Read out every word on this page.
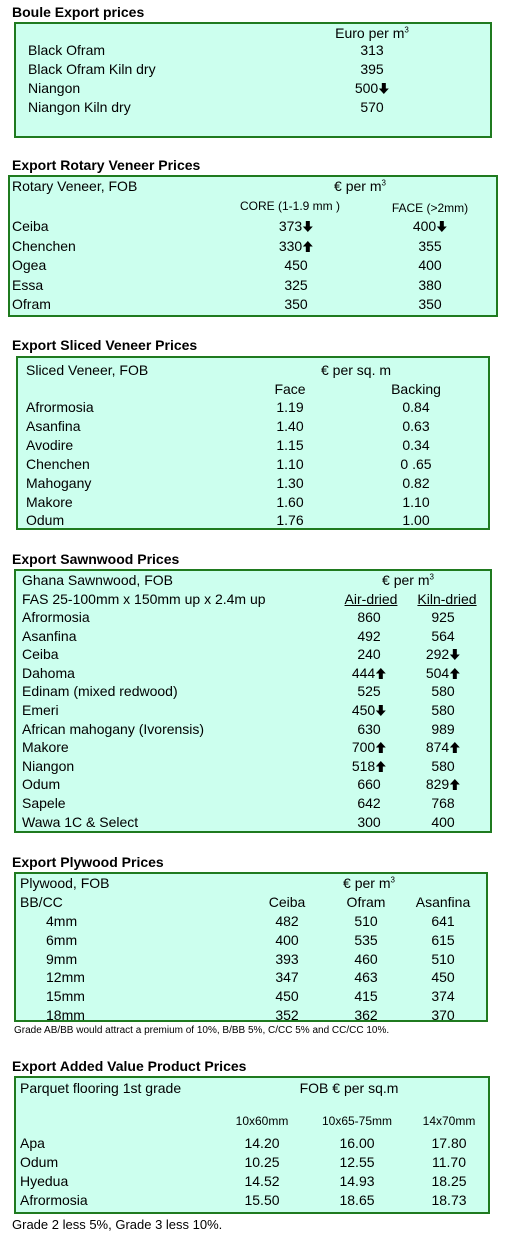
Boule Export prices
Euro per $m^3$
Black Ofram	313
Black Ofram Kiln dry	395
Niangon	500
Niangon Kiln dry	570
Export Rotary Veneer Prices
Rotary Veneer, FOB	€ per $m^3$
CORE (1-1.9 mm )	FACE (>2mm)
Ceiba	373	400
Chenchen	330	355
Ogea	450	400
Essa	325	380
Ofram	350	350
Export Sliced Veneer Prices
Sliced Veneer, FOB	€ per sq. m
Face	Backing
Afrormosia	1.19	0.84
Asanfina	1.40	0.63
Avodire	1.15	0.34
Chenchen	1.10	0 .65
Mahogany	1.30	0.82
Makore	1.60	1.10
Odum	1.76	1.00
Export Sawnwood Prices
Ghana Sawnwood, FOB	€ per $m^3$
FAS 25-100mm x 150mm up x 2.4m up	Air-dried Kiln-dried
Afrormosia	860	925
Asanfina	492	564
Ceiba	240	292
Dahoma	444	504
Edinam (mixed redwood)	525	580
Emeri	450	580
African mahogany (Ivorensis)	630	989
Makore	700	874
Niangon	518	580
Odum	660	829
Sapele	642	768
Wawa 1C & Select	300	400
Export Plywood Prices
Plywood, FOB	€ per $m^3$
BB/CC	Ceiba	Ofram Asanfina
4mm	482	510	641
6mm	400	535	615
9mm	393	460	510
12mm	347	463	450
15mm	450	415	374
18mm	352	362	370
Grade AB/BB would attract a premium of 10%, B/BB 5%, C/CC 5% and CC/CC 10%.
Export Added Value Product Prices
Parquet flooring 1st grade	FOB € per sq.m
10x60mm	10x65-75mm	14x70mm
Apa	14.20	16.00	17.80
Odum	10.25	12.55	11.70
Hyedua	14.52	14.93	18.25
Afrormosia	15.50	18.65	18.73
Grade 2 less 5%, Grade 3 less 10%.
